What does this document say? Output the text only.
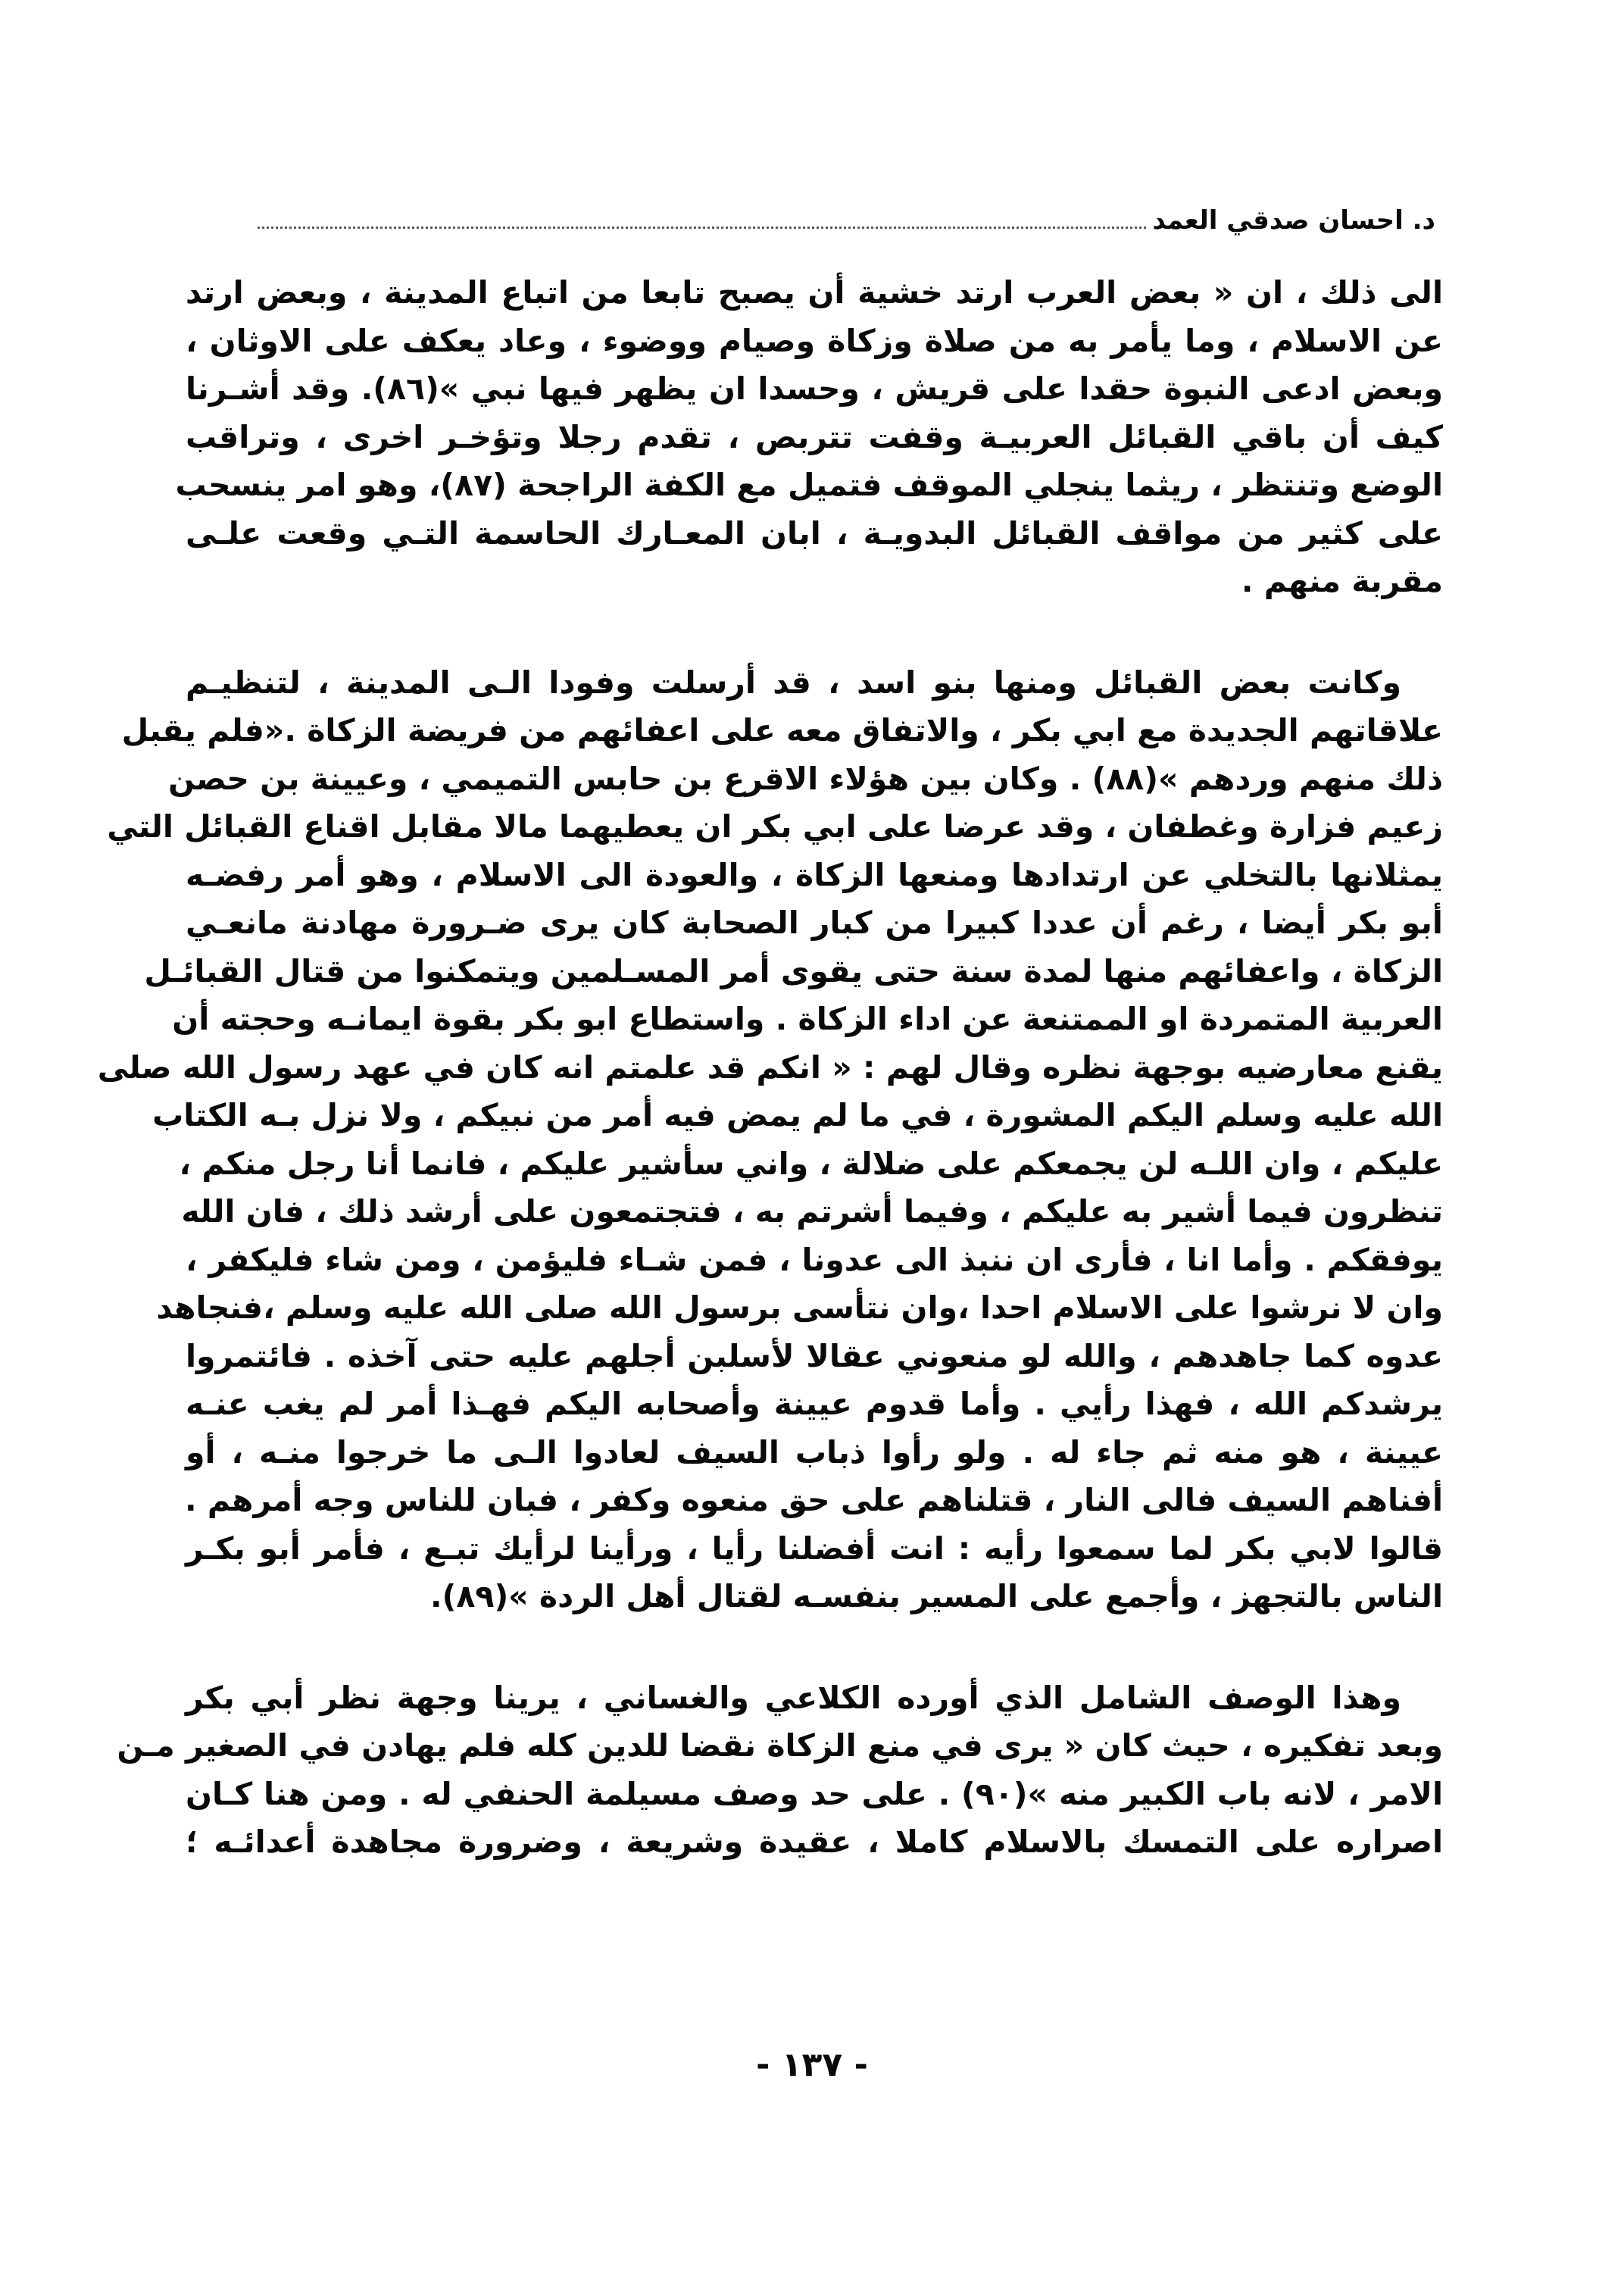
د. احسان صدقي العمد

الى ذلك ، ان « بعض العرب ارتد خشية أن يصبح تابعا من اتباع المدينة ، وبعض ارتد
عن الاسلام ، وما يأمر به من صلاة وزكاة وصيام ووضوء ، وعاد يعكف على الاوثان ،
وبعض ادعى النبوة حقدا على قريش ، وحسدا ان يظهر فيها نبي »(٨٦). وقد أشـرنا
كيف أن باقي القبائل العربيـة وقفت تتربص ، تقدم رجلا وتؤخـر اخرى ، وتراقب
الوضع وتنتظر ، ريثما ينجلي الموقف فتميل مع الكفة الراجحة (٨٧)، وهو امر ينسحب
على كثير من مواقف القبائل البدويـة ، ابان المعـارك الحاسمة التـي وقعت علـى
مقربة منهم .

وكانت بعض القبائل ومنها بنو اسد ، قد أرسلت وفودا الـى المدينة ، لتنظيـم
علاقاتهم الجديدة مع ابي بكر ، والاتفاق معه على اعفائهم من فريضة الزكاة .«فلم يقبل
ذلك منهم وردهم »(٨٨) . وكان بين هؤلاء الاقرع بن حابس التميمي ، وعيينة بن حصن
زعيم فزارة وغطفان ، وقد عرضا على ابي بكر ان يعطيهما مالا مقابل اقناع القبائل التي
يمثلانها بالتخلي عن ارتدادها ومنعها الزكاة ، والعودة الى الاسلام ، وهو أمر رفضـه
أبو بكر أيضا ، رغم أن عددا كبيرا من كبار الصحابة كان يرى ضـرورة مهادنة مانعـي
الزكاة ، واعفائهم منها لمدة سنة حتى يقوى أمر المسـلمين ويتمكنوا من قتال القبائـل
العربية المتمردة او الممتنعة عن اداء الزكاة . واستطاع ابو بكر بقوة ايمانـه وحجته أن
يقنع معارضيه بوجهة نظره وقال لهم : « انكم قد علمتم انه كان في عهد رسول الله صلى
الله عليه وسلم اليكم المشورة ، في ما لم يمض فيه أمر من نبيكم ، ولا نزل بـه الكتاب
عليكم ، وان اللـه لن يجمعكم على ضلالة ، واني سأشير عليكم ، فانما أنا رجل منكم ،
تنظرون فيما أشير به عليكم ، وفيما أشرتم به ، فتجتمعون على أرشد ذلك ، فان الله
يوفقكم . وأما انا ، فأرى ان ننبذ الى عدونا ، فمن شـاء فليؤمن ، ومن شاء فليكفر ،
وان لا نرشوا على الاسلام احدا ،وان نتأسى برسول الله صلى الله عليه وسلم ،فنجاهد
عدوه كما جاهدهم ، والله لو منعوني عقالا لأسلبن أجلهم عليه حتى آخذه . فائتمروا
يرشدكم الله ، فهذا رأيي . وأما قدوم عيينة وأصحابه اليكم فهـذا أمر لم يغب عنـه
عيينة ، هو منه ثم جاء له . ولو رأوا ذباب السيف لعادوا الـى ما خرجوا منـه ، أو
أفناهم السيف فالى النار ، قتلناهم على حق منعوه وكفر ، فبان للناس وجه أمرهم .
قالوا لابي بكر لما سمعوا رأيه : انت أفضلنا رأيا ، ورأينا لرأيك تبـع ، فأمر أبو بكـر
الناس بالتجهز ، وأجمع على المسير بنفسـه لقتال أهل الردة »(٨٩).

وهذا الوصف الشامل الذي أورده الكلاعي والغساني ، يرينا وجهة نظر أبي بكر
وبعد تفكيره ، حيث كان « يرى في منع الزكاة نقضا للدين كله فلم يهادن في الصغير مـن
الامر ، لانه باب الكبير منه »(٩٠) . على حد وصف مسيلمة الحنفي له . ومن هنا كـان
اصراره على التمسك بالاسلام كاملا ، عقيدة وشريعة ، وضرورة مجاهدة أعدائـه ؛

- ١٣٧ -
